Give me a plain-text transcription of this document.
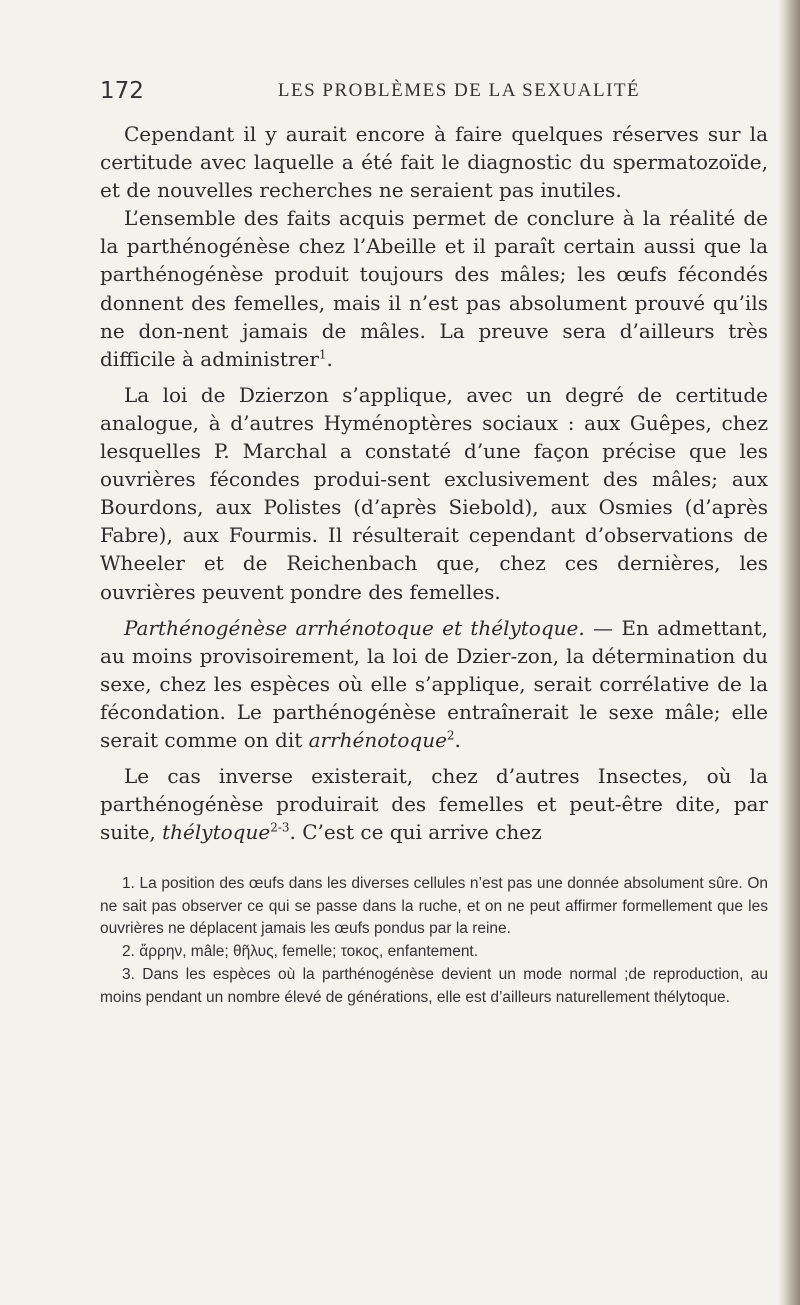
172	LES PROBLÈMES DE LA SEXUALITÉ

Cependant il y aurait encore à faire quelques réserves sur la certitude avec laquelle a été fait le diagnostic du spermatozoïde, et de nouvelles recherches ne seraient pas inutiles.

L’ensemble des faits acquis permet de conclure à la réalité de la parthénogénèse chez l’Abeille et il paraît certain aussi que la parthénogénèse produit toujours des mâles; les œufs fécondés donnent des femelles, mais il n’est pas absolument prouvé qu’ils ne don-nent jamais de mâles. La preuve sera d’ailleurs très difficile à administrer$^1$.

La loi de Dzierzon s’applique, avec un degré de certitude analogue, à d’autres Hyménoptères sociaux : aux Guêpes, chez lesquelles P. Marchal a constaté d’une façon précise que les ouvrières fécondes produi-sent exclusivement des mâles; aux Bourdons, aux Polistes (d’après Siebold), aux Osmies (d’après Fabre), aux Fourmis. Il résulterait cependant d’observations de Wheeler et de Reichenbach que, chez ces dernières, les ouvrières peuvent pondre des femelles.

Parthénogénèse arrhénotoque et thélytoque. — En admettant, au moins provisoirement, la loi de Dzier-zon, la détermination du sexe, chez les espèces où elle s’applique, serait corrélative de la fécondation. Le parthénogénèse entraînerait le sexe mâle; elle serait comme on dit arrhénotoque$^2$.

Le cas inverse existerait, chez d’autres Insectes, où la parthénogénèse produirait des femelles et peut-être dite, par suite, thélytoque$^{2-3}$. C’est ce qui arrive chez

1. La position des œufs dans les diverses cellules n’est pas une donnée absolument sûre. On ne sait pas observer ce qui se passe dans la ruche, et on ne peut affirmer formellement que les ouvrières ne déplacent jamais les œufs pondus par la reine.

2. ἄρρην, mâle; θῆλυς, femelle; τοκος, enfantement.

3. Dans les espèces où la parthénogénèse devient un mode normal ;de reproduction, au moins pendant un nombre élevé de générations, elle est d’ailleurs naturellement thélytoque.
